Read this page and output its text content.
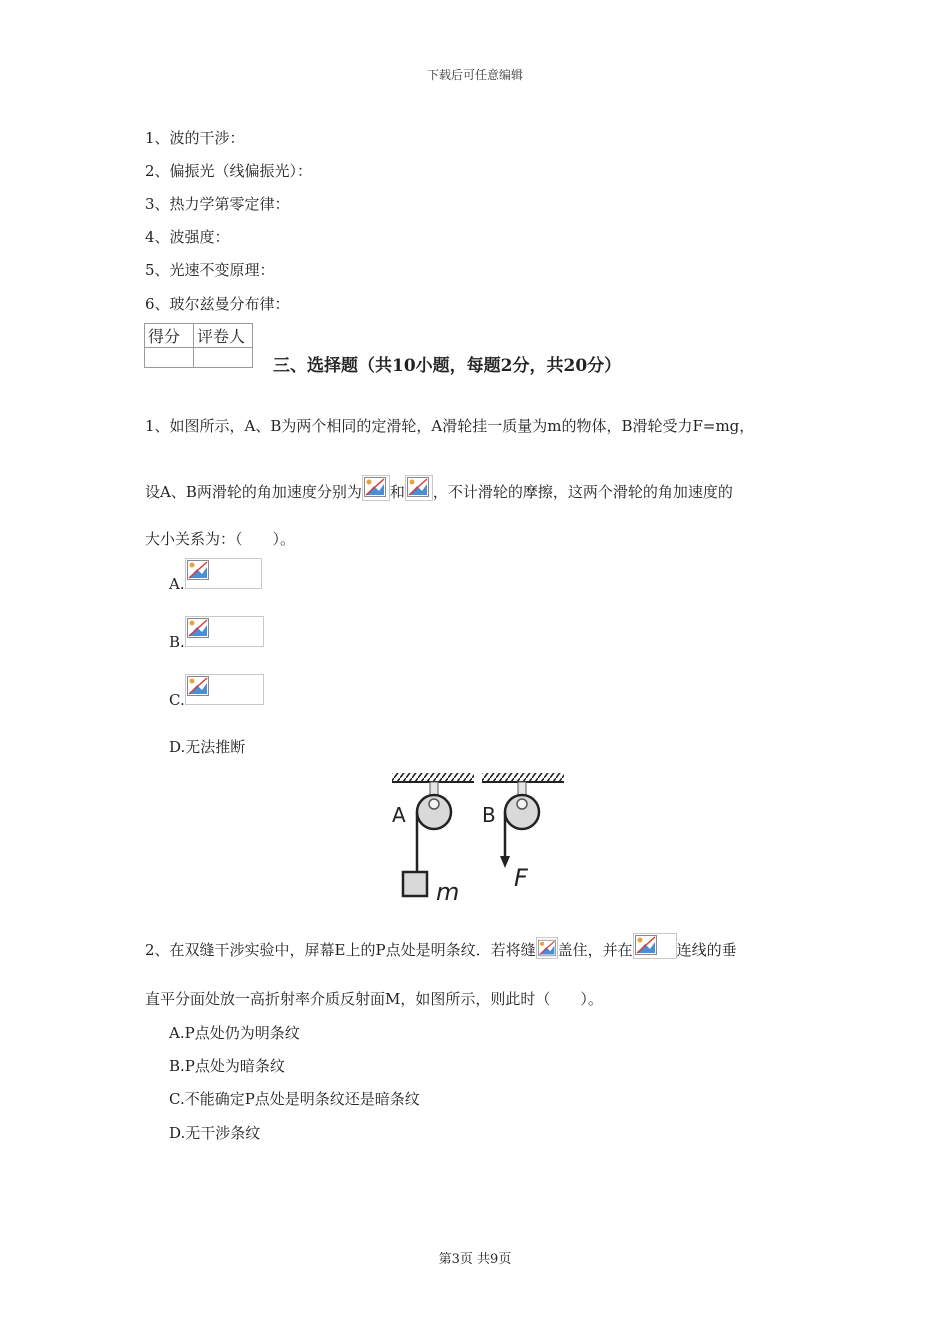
下载后可任意编辑
1、波的干涉：
2、偏振光（线偏振光）：
3、热力学第零定律：
4、波强度：
5、光速不变原理：
6、玻尔兹曼分布律：
得分	评卷人

三、选择题（共10小题，每题2分，共20分）
1、如图所示，A、B为两个相同的定滑轮，A滑轮挂一质量为m的物体，B滑轮受力F=mg，
设A、B两滑轮的角加速度分别为 和 ，不计滑轮的摩擦，这两个滑轮的角加速度的
大小关系为：（　　）。
A.
B.
C.
D.无法推断
A
m
B
F
2、在双缝干涉实验中，屏幕E上的P点处是明条纹．若将缝 盖住，并在	连线的垂
直平分面处放一高折射率介质反射面M，如图所示，则此时（　　）。
A.P点处仍为明条纹
B.P点处为暗条纹
C.不能确定P点处是明条纹还是暗条纹
D.无干涉条纹
第3页 共9页
